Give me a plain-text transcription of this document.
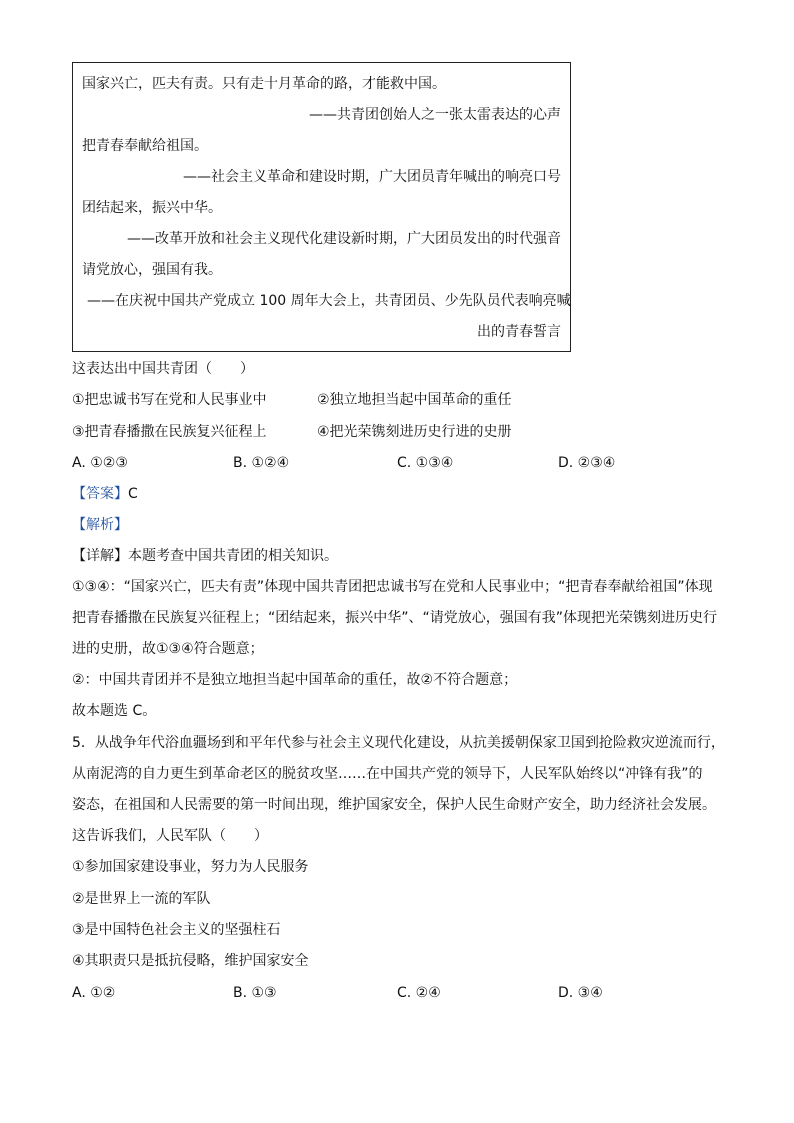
国家兴亡，匹夫有责。只有走十月革命的路，才能救中国。
——共青团创始人之一张太雷表达的心声
把青春奉献给祖国。
——社会主义革命和建设时期，广大团员青年喊出的响亮口号
团结起来，振兴中华。
——改革开放和社会主义现代化建设新时期，广大团员发出的时代强音
请党放心，强国有我。
——在庆祝中国共产党成立 100 周年大会上，共青团员、少先队员代表响亮喊
出的青春誓言
这表达出中国共青团（　　）
①把忠诚书写在党和人民事业中	②独立地担当起中国革命的重任
③把青春播撒在民族复兴征程上	④把光荣镌刻进历史行进的史册
A. ①②③	B. ①②④	C. ①③④	D. ②③④
【答案】C
【解析】
【详解】本题考查中国共青团的相关知识。
①③④：“国家兴亡，匹夫有责”体现中国共青团把忠诚书写在党和人民事业中；“把青春奉献给祖国”体现
把青春播撒在民族复兴征程上；“团结起来，振兴中华”、“请党放心，强国有我”体现把光荣镌刻进历史行
进的史册，故①③④符合题意；
②：中国共青团并不是独立地担当起中国革命的重任，故②不符合题意；
故本题选 C。
5．从战争年代浴血疆场到和平年代参与社会主义现代化建设，从抗美援朝保家卫国到抢险救灾逆流而行，
从南泥湾的自力更生到革命老区的脱贫攻坚……在中国共产党的领导下，人民军队始终以“冲锋有我”的
姿态，在祖国和人民需要的第一时间出现，维护国家安全，保护人民生命财产安全，助力经济社会发展。
这告诉我们，人民军队（　　）
①参加国家建设事业，努力为人民服务
②是世界上一流的军队
③是中国特色社会主义的坚强柱石
④其职责只是抵抗侵略，维护国家安全
A. ①②	B. ①③	C. ②④	D. ③④
